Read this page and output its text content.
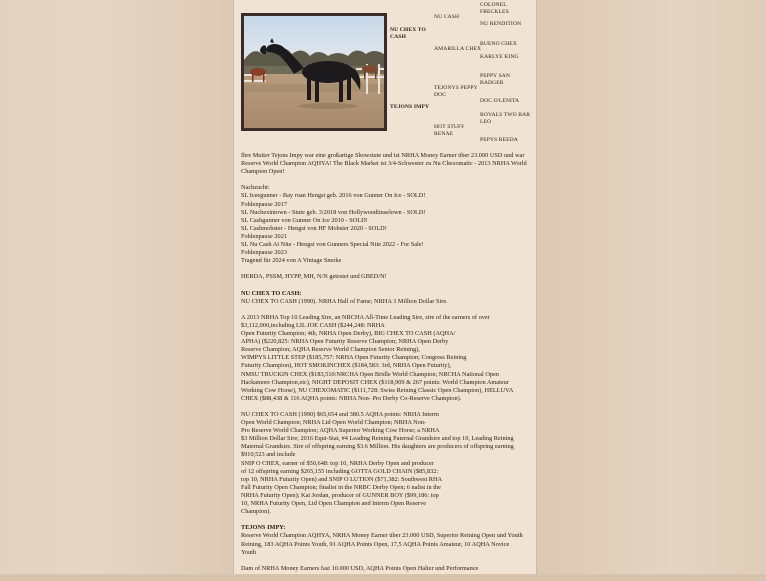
NU CHEX TO CASH
TEJONS IMPY
NU CASH
AMARILLA CHEX
TEJONYS PEPPY DOC
HOT STUFF RENAE
COLONEL FRECKLES
NU RENDITION
BUENO CHEX
KARLYE KING
PEPPY SAN BADGER
DOC O'LENITA
ROYALS TWO BAR LEO
PEPYS REEDA

Ihre Mutter Tejons Impy war eine großartige Showstute und ist NRHA Money Earner über 23.000 USD und war Reserve World Champion AQHYA! The Black Market ist 3/4-Schwester zu Nu Chexomatic - 2013 NRHA World Champion Open!

Nachzucht:
SL Iceegunner - Bay roan Hengst geb. 2016 von Gunner On Ice - SOLD!
Fohlenpause 2017
SL Nuchexintown - Stute geb. 3/2018 von Hollywoodtinselown - SOLD!
SL Cashgunner von Gunner On Ice 2019 - SOLD!
SL Cashmobster - Hengst von HF Mobster 2020 - SOLD!
Fohlenpause 2021
SL Nu Cash At Nite - Hengst von Gunners Special Nite 2022 - For Sale!
Fohlenpause 2023
Tragend für 2024 von A Vintage Smoke

HERDA, PSSM, HYPP, MH, N/N getestet und GBED/N!

NU CHEX TO CASH:

NU CHEX TO CASH (1990). NRHA Hall of Fame; NRHA 3 Million Dollar Sire.

A 2013 NRHA Top 10 Leading Sire, an NRCHA All-Time Leading Sire, sire of the earners of over
$3,112,000,including LIL JOE CASH ($244,248: NRHA
Open Futurity Champion; 4th, NRHA Open Derby), BIG CHEX TO CASH (AQHA/
APHA) ($220,825: NRHA Open Futurity Reserve Champion; NRHA Open Derby
Reserve Champion; AQHA Reserve World Champion Senior Reining),
WIMPYS LITTLE STEP ($185,757: NRHA Open Futurity Champion; Congress Reining
Futurity Champion), HOT SMOKINCHEX ($184,583: 3rd, NRHA Open Futurity),
NMSU TRUCKIN CHEX ($183,510:NRCHA Open Bridle World Champion; NRCHA National Open
Hackamore Champion,etc), NIGHT DEPOSIT CHEX ($118,909 & 267 points: World Champion Amateur
Working Cow Horse), NU CHEXOMATIC ($111,728: Swiss Reining Classic Open Champion), HELLUVA
CHEX ($88,438 & 116 AQHA points: NRHA Non- Pro Derby Co-Reserve Champion).

NU CHEX TO CASH (1990) $65,654 and 380.5 AQHA points: NRHA Interm
Open World Champion; NRHA Ltd Open World Champion; NRHA Non-
Pro Reserve World Champion; AQHA Superior Working Cow Horse; a NRHA
$3 Million Dollar Sire; 2016 Equi-Stat, #4 Leading Reining Paternal Grandsire and top 10, Leading Reining
Maternal Grandsire. Sire of offspring earning $3.6 Million. His daughters are producers of offspring earning
$910,523 and include
SNIP O CHEX, earner of $50,648: top 10, NRHA Derby Open and producer
of 12 offspring earning $265,155 including GOTTA GOLD CHAIN ($85,832:
top 10, NRHA Futurity Open) and SNIP O LUTION ($71,382: Southwest RHA
Fall Futurity Open Champion; finalist in the NRBC Derby Open; 6 nalist in the
NRHA Futurity Open); Kat Jordan, producer of GUNNER BOY ($99,186: top
10, NRHA Futurity Open, Ltd Open Champion and Interm Open Reserve
Champion).

TEJONS IMPY:

Reserve World Champion AQHYA, NRHA Money Earner über 23.000 USD, Superior Reining Open und Youth
Reining, 183 AQHA Points Youth, 91 AQHA Points Open, 17,5 AQHA Points Amateur, 10 AQHA Novice
Youth

Dam of NRHA Money Earners fast 10.000 USD, AQHA Points Open Halter und Performance
